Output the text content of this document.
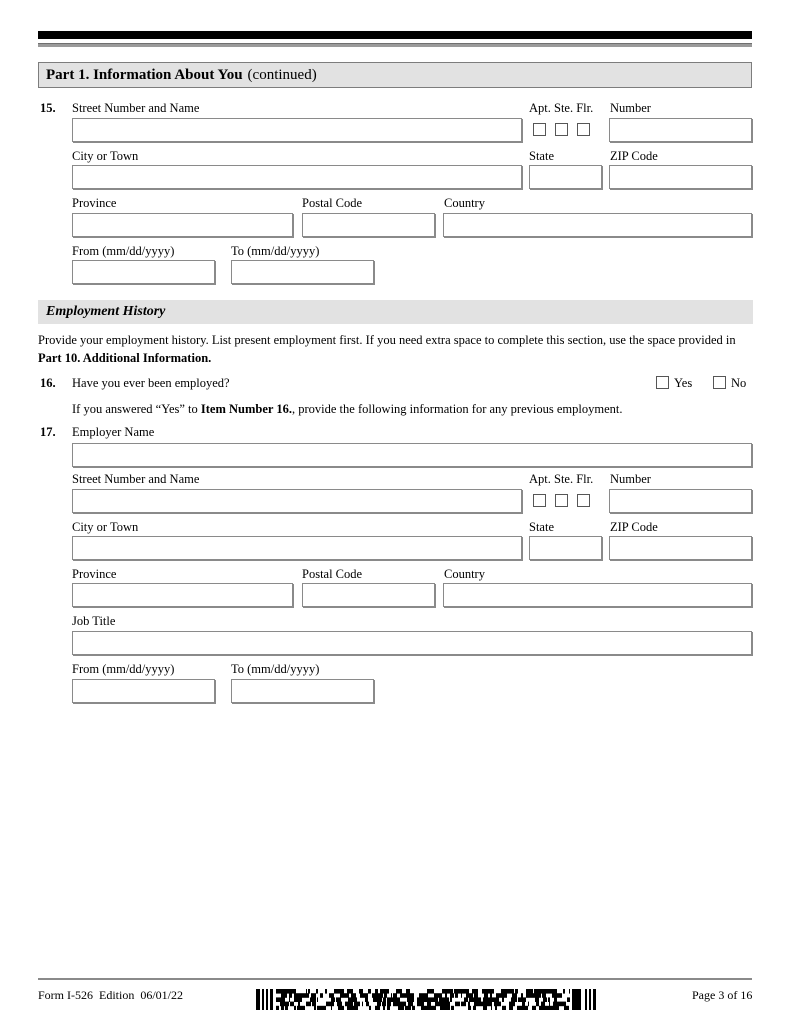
Part 1. Information About You (continued)
15. Street Number and Name	Apt. Ste. Flr. Number
City or Town	State	ZIP Code
Province	Postal Code	Country
From (mm/dd/yyyy)	To (mm/dd/yyyy)
Employment History
Provide your employment history. List present employment first. If you need extra space to complete this section, use the space provided in Part 10. Additional Information.
16. Have you ever been employed?	Yes	No
If you answered “Yes” to Item Number 16., provide the following information for any previous employment.
17. Employer Name
Street Number and Name	Apt. Ste. Flr. Number
City or Town	State	ZIP Code
Province	Postal Code	Country
Job Title
From (mm/dd/yyyy)	To (mm/dd/yyyy)
Form I-526 Edition 06/01/22	Page 3 of 16
